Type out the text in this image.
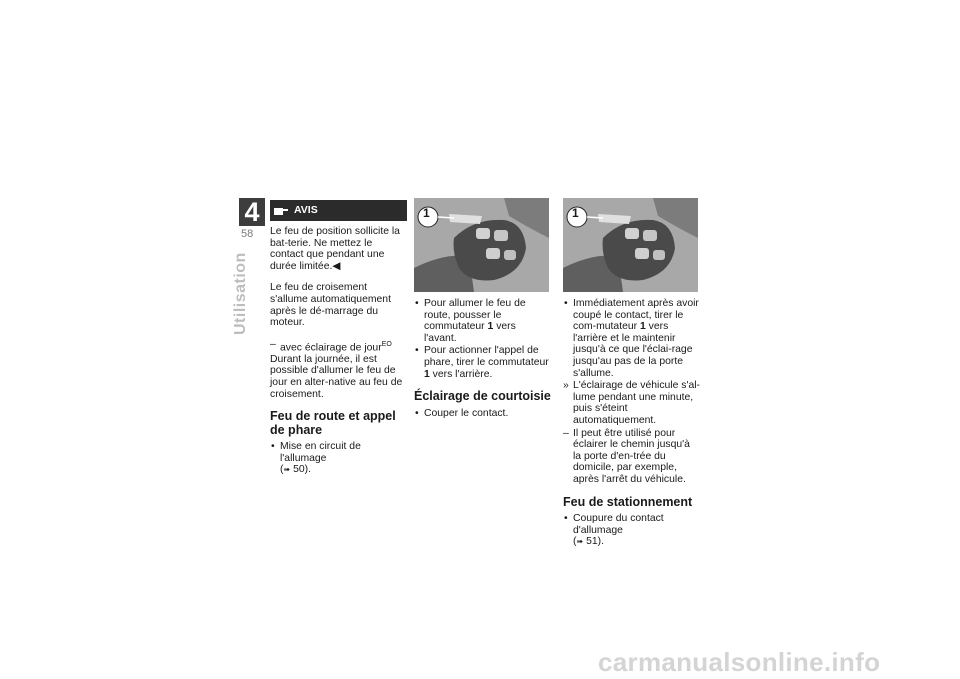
4
58
Utilisation
AVIS

Le feu de position sollicite la bat-terie. Ne mettez le contact que pendant une durée limitée.◀

Le feu de croisement s'allume automatiquement après le dé-marrage du moteur.

– avec éclairage de jour$^{EO}$

Durant la journée, il est possible d'allumer le feu de jour en alter-native au feu de croisement.

Feu de route et appel de phare
• Mise en circuit de l'allumage
(➠ 50).
1
• Pour allumer le feu de route, pousser le commutateur 1 vers l'avant.
• Pour actionner l'appel de phare, tirer le commutateur 1 vers l'arrière.
Éclairage de courtoisie
• Couper le contact.
1
• Immédiatement après avoir coupé le contact, tirer le com-mutateur 1 vers l'arrière et le maintenir jusqu'à ce que l'éclai-rage jusqu'au pas de la porte s'allume.
» L'éclairage de véhicule s'al-lume pendant une minute, puis s'éteint automatiquement.
– Il peut être utilisé pour éclairer le chemin jusqu'à la porte d'en-trée du domicile, par exemple, après l'arrêt du véhicule.
Feu de stationnement
• Coupure du contact d'allumage
(➠ 51).
carmanualsonline.info
